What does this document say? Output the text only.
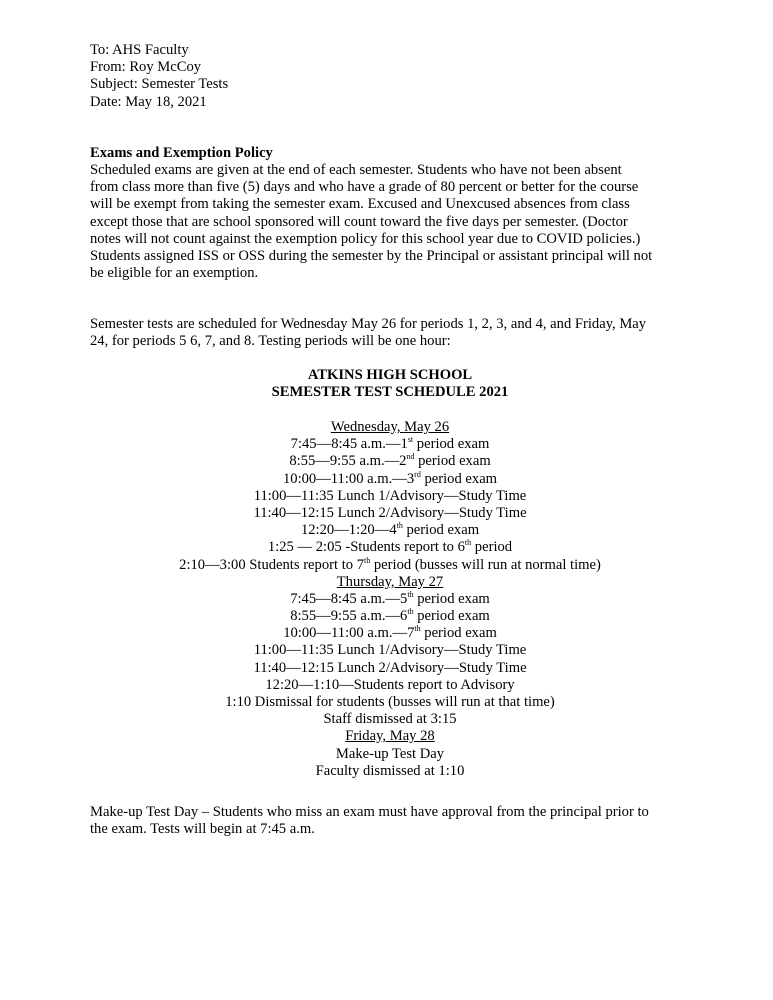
To: AHS Faculty
From: Roy McCoy
Subject: Semester Tests
Date: May 18, 2021
Exams and Exemption Policy
Scheduled exams are given at the end of each semester. Students who have not been absent
from class more than five (5) days and who have a grade of 80 percent or better for the course
will be exempt from taking the semester exam. Excused and Unexcused absences from class
except those that are school sponsored will count toward the five days per semester. (Doctor
notes will not count against the exemption policy for this school year due to COVID policies.)
Students assigned ISS or OSS during the semester by the Principal or assistant principal will not
be eligible for an exemption.
Semester tests are scheduled for Wednesday May 26 for periods 1, 2, 3, and 4, and Friday, May
24, for periods 5 6, 7, and 8. Testing periods will be one hour:
ATKINS HIGH SCHOOL
SEMESTER TEST SCHEDULE 2021
Wednesday, May 26
7:45—8:45 a.m.—1st period exam
8:55—9:55 a.m.—2nd period exam
10:00—11:00 a.m.—3rd period exam
11:00—11:35 Lunch 1/Advisory—Study Time
11:40—12:15 Lunch 2/Advisory—Study Time
12:20—1:20—4th period exam
1:25 — 2:05 -Students report to 6th period
2:10—3:00 Students report to 7th period (busses will run at normal time)
Thursday, May 27
7:45—8:45 a.m.—5th period exam
8:55—9:55 a.m.—6th period exam
10:00—11:00 a.m.—7th period exam
11:00—11:35 Lunch 1/Advisory—Study Time
11:40—12:15 Lunch 2/Advisory—Study Time
12:20—1:10—Students report to Advisory
1:10 Dismissal for students (busses will run at that time)
Staff dismissed at 3:15
Friday, May 28
Make-up Test Day
Faculty dismissed at 1:10
Make-up Test Day – Students who miss an exam must have approval from the principal prior to
the exam. Tests will begin at 7:45 a.m.
